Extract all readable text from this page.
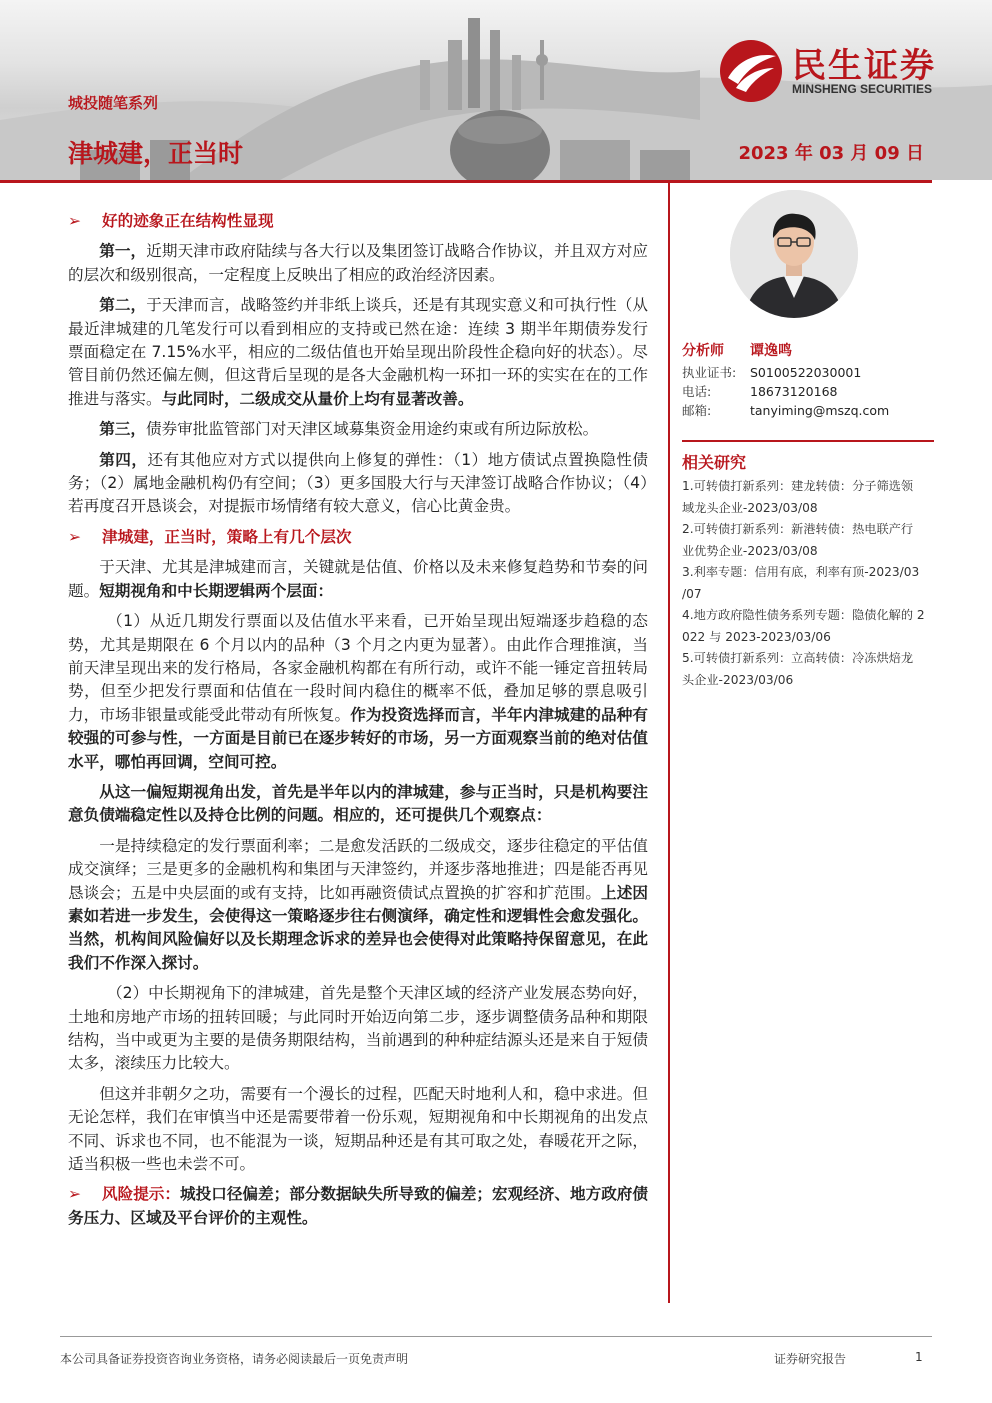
城投随笔系列
津城建，正当时	2023 年 03 月 09 日
民生证券
MINSHENG SECURITIES

➢ 好的迹象正在结构性显现

第一，近期天津市政府陆续与各大行以及集团签订战略合作协议，并且双方对应的层次和级别很高，一定程度上反映出了相应的政治经济因素。

第二，于天津而言，战略签约并非纸上谈兵，还是有其现实意义和可执行性（从最近津城建的几笔发行可以看到相应的支持或已然在途：连续 3 期半年期债券发行票面稳定在 7.15%水平，相应的二级估值也开始呈现出阶段性企稳向好的状态）。尽管目前仍然还偏左侧，但这背后呈现的是各大金融机构一环扣一环的实实在在的工作推进与落实。与此同时，二级成交从量价上均有显著改善。

第三，债券审批监管部门对天津区域募集资金用途约束或有所边际放松。

第四，还有其他应对方式以提供向上修复的弹性：（1）地方债试点置换隐性债务；（2）属地金融机构仍有空间；（3）更多国股大行与天津签订战略合作协议；（4）若再度召开恳谈会，对提振市场情绪有较大意义，信心比黄金贵。

➢ 津城建，正当时，策略上有几个层次

于天津、尤其是津城建而言，关键就是估值、价格以及未来修复趋势和节奏的问题。短期视角和中长期逻辑两个层面：

（1）从近几期发行票面以及估值水平来看，已开始呈现出短端逐步趋稳的态势，尤其是期限在 6 个月以内的品种（3 个月之内更为显著）。由此作合理推演，当前天津呈现出来的发行格局，各家金融机构都在有所行动，或许不能一锤定音扭转局势，但至少把发行票面和估值在一段时间内稳住的概率不低，叠加足够的票息吸引力，市场非银量或能受此带动有所恢复。作为投资选择而言，半年内津城建的品种有较强的可参与性，一方面是目前已在逐步转好的市场，另一方面观察当前的绝对估值水平，哪怕再回调，空间可控。

从这一偏短期视角出发，首先是半年以内的津城建，参与正当时，只是机构要注意负债端稳定性以及持仓比例的问题。相应的，还可提供几个观察点：

一是持续稳定的发行票面利率；二是愈发活跃的二级成交，逐步往稳定的平估值成交演绎；三是更多的金融机构和集团与天津签约，并逐步落地推进；四是能否再见恳谈会；五是中央层面的或有支持，比如再融资债试点置换的扩容和扩范围。上述因素如若进一步发生，会使得这一策略逐步往右侧演绎，确定性和逻辑性会愈发强化。当然，机构间风险偏好以及长期理念诉求的差异也会使得对此策略持保留意见，在此我们不作深入探讨。

（2）中长期视角下的津城建，首先是整个天津区域的经济产业发展态势向好，土地和房地产市场的扭转回暖；与此同时开始迈向第二步，逐步调整债务品种和期限结构，当中或更为主要的是债务期限结构，当前遇到的种种症结源头还是来自于短债太多，滚续压力比较大。

但这并非朝夕之功，需要有一个漫长的过程，匹配天时地利人和，稳中求进。但无论怎样，我们在审慎当中还是需要带着一份乐观，短期视角和中长期视角的出发点不同、诉求也不同，也不能混为一谈，短期品种还是有其可取之处，春暖花开之际，适当积极一些也未尝不可。

➢ 风险提示：城投口径偏差；部分数据缺失所导致的偏差；宏观经济、地方政府债务压力、区域及平台评价的主观性。

分析师	谭逸鸣
执业证书:	S0100522030001
电话:	18673120168
邮箱:	tanyiming@mszq.com
相关研究
1.可转债打新系列：建龙转债：分子筛选领
域龙头企业-2023/03/08
2.可转债打新系列：新港转债：热电联产行
业优势企业-2023/03/08
3.利率专题：信用有底，利率有顶-2023/03
/07
4.地方政府隐性债务系列专题：隐债化解的 2
022 与 2023-2023/03/06
5.可转债打新系列：立高转债：冷冻烘焙龙
头企业-2023/03/06
本公司具备证券投资咨询业务资格，请务必阅读最后一页免责声明	证券研究报告	1
